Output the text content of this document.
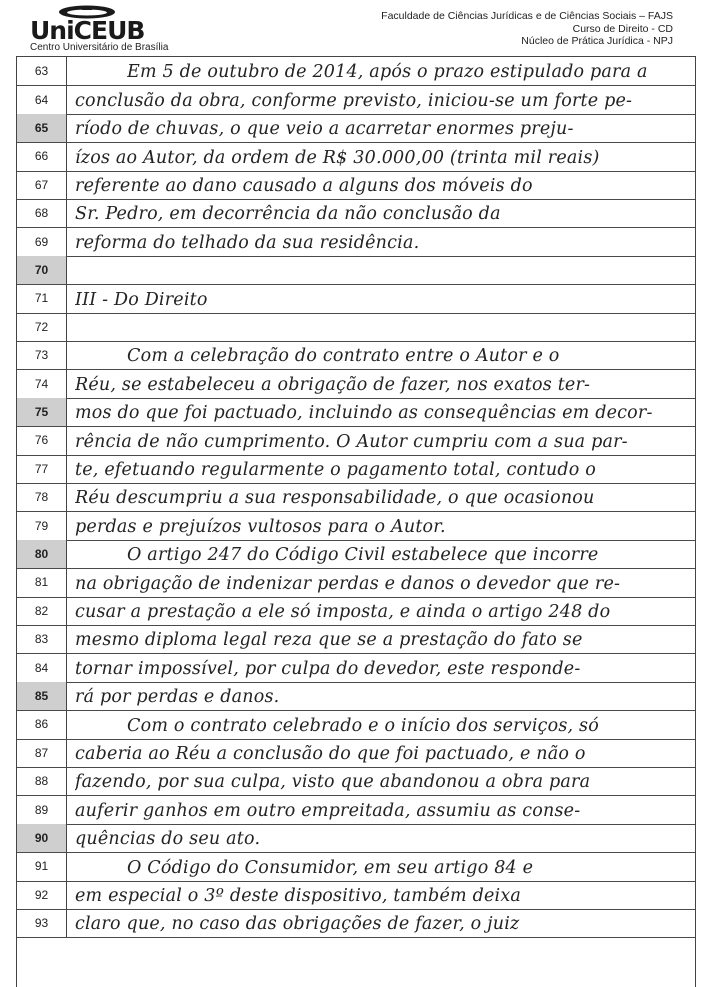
UniCEUB
Centro Universitário de Brasília
Faculdade de Ciências Jurídicas e de Ciências Sociais – FAJS
Curso de Direito - CD
Núcleo de Prática Jurídica - NPJ
63	Em 5 de outubro de 2014, após o prazo estipulado para a
64	conclusão da obra, conforme previsto, iniciou-se um forte pe-
65	ríodo de chuvas, o que veio a acarretar enormes preju-
66	ízos ao Autor, da ordem de R$ 30.000,00 (trinta mil reais)
67	referente ao dano causado a alguns dos móveis do
68	Sr. Pedro, em decorrência da não conclusão da
69	reforma do telhado da sua residência.
70
71	III - Do Direito
72
73	Com a celebração do contrato entre o Autor e o
74	Réu, se estabeleceu a obrigação de fazer, nos exatos ter-
75	mos do que foi pactuado, incluindo as consequências em decor-
76	rência de não cumprimento. O Autor cumpriu com a sua par-
77	te, efetuando regularmente o pagamento total, contudo o
78	Réu descumpriu a sua responsabilidade, o que ocasionou
79	perdas e prejuízos vultosos para o Autor.
80	O artigo 247 do Código Civil estabelece que incorre
81	na obrigação de indenizar perdas e danos o devedor que re-
82	cusar a prestação a ele só imposta, e ainda o artigo 248 do
83	mesmo diploma legal reza que se a prestação do fato se
84	tornar impossível, por culpa do devedor, este responde-
85	rá por perdas e danos.
86	Com o contrato celebrado e o início dos serviços, só
87	caberia ao Réu a conclusão do que foi pactuado, e não o
88	fazendo, por sua culpa, visto que abandonou a obra para
89	auferir ganhos em outro empreitada, assumiu as conse-
90	quências do seu ato.
91	O Código do Consumidor, em seu artigo 84 e
92	em especial o 3º deste dispositivo, também deixa
93	claro que, no caso das obrigações de fazer, o juiz
